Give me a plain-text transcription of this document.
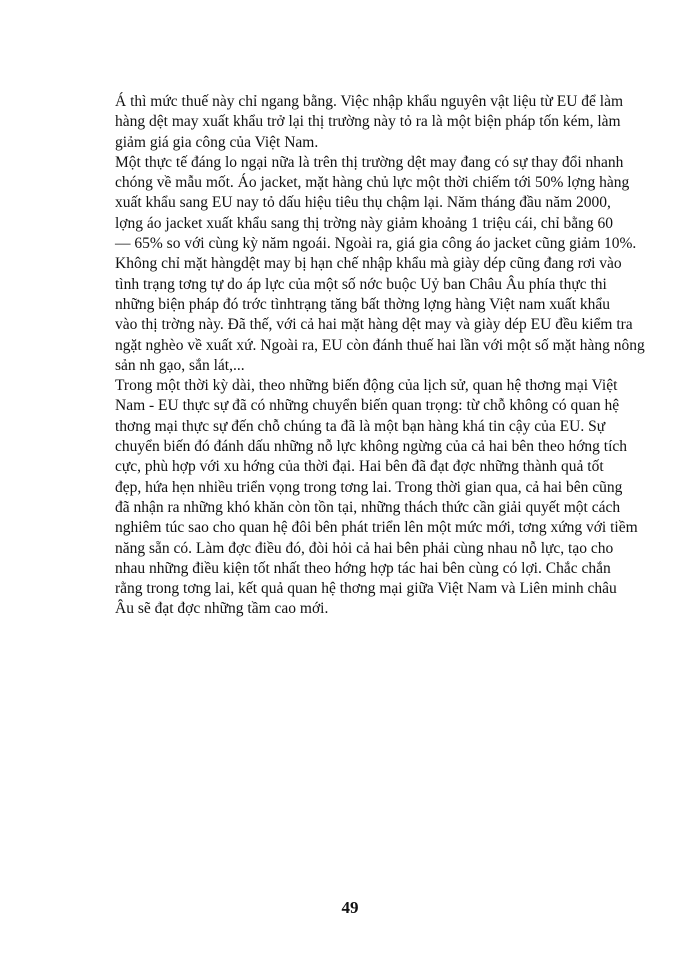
Á thì mức thuế này chỉ ngang bằng. Việc nhập khẩu nguyên vật liệu từ EU để làm
hàng dệt may xuất khẩu trở lại thị trường này tỏ ra là một biện pháp tốn kém, làm
giảm giá gia công của Việt Nam.
Một thực tế đáng lo ngại nữa là trên thị trường dệt may đang có sự thay đổi nhanh
chóng về mẫu mốt. Áo jacket, mặt hàng chủ lực một thời chiếm tới 50% lợng hàng
xuất khẩu sang EU nay tỏ dấu hiệu tiêu thụ chậm lại. Năm tháng đầu năm 2000,
lợng áo jacket xuất khẩu sang thị trờng này giảm khoảng 1 triệu cái, chỉ bằng 60
— 65% so với cùng kỳ năm ngoái. Ngoài ra, giá gia công áo jacket cũng giảm 10%.
Không chỉ mặt hàngdệt may bị hạn chế nhập khẩu mà giày dép cũng đang rơi vào
tình trạng tơng tự do áp lực của một số nớc buộc Uỷ ban Châu Âu phía thực thi
những biện pháp đó trớc tìnhtrạng tăng bất thờng lợng hàng Việt nam xuất khẩu
vào thị trờng này. Đã thế, với cả hai mặt hàng dệt may và giày dép EU đều kiểm tra
ngặt nghèo về xuất xứ. Ngoài ra, EU còn đánh thuế hai lần với một số mặt hàng nông
sản nh gạo, sắn lát,...
Trong một thời kỳ dài, theo những biến động của lịch sử, quan hệ thơng mại Việt
Nam - EU thực sự đã có những chuyển biến quan trọng: từ chỗ không có quan hệ
thơng mại thực sự đến chỗ chúng ta đã là một bạn hàng khá tin cậy của EU. Sự
chuyển biến đó đánh dấu những nỗ lực không ngừng của cả hai bên theo hớng tích
cực, phù hợp với xu hớng của thời đại. Hai bên đã đạt đợc những thành quả tốt
đẹp, hứa hẹn nhiều triển vọng trong tơng lai. Trong thời gian qua, cả hai bên cũng
đã nhận ra những khó khăn còn tồn tại, những thách thức cần giải quyết một cách
nghiêm túc sao cho quan hệ đôi bên phát triển lên một mức mới, tơng xứng với tiềm
năng sẵn có. Làm đợc điều đó, đòi hỏi cả hai bên phải cùng nhau nỗ lực, tạo cho
nhau những điều kiện tốt nhất theo hớng hợp tác hai bên cùng có lợi. Chắc chắn
rằng trong tơng lai, kết quả quan hệ thơng mại giữa Việt Nam và Liên minh châu
Âu sẽ đạt đợc những tầm cao mới.
49
